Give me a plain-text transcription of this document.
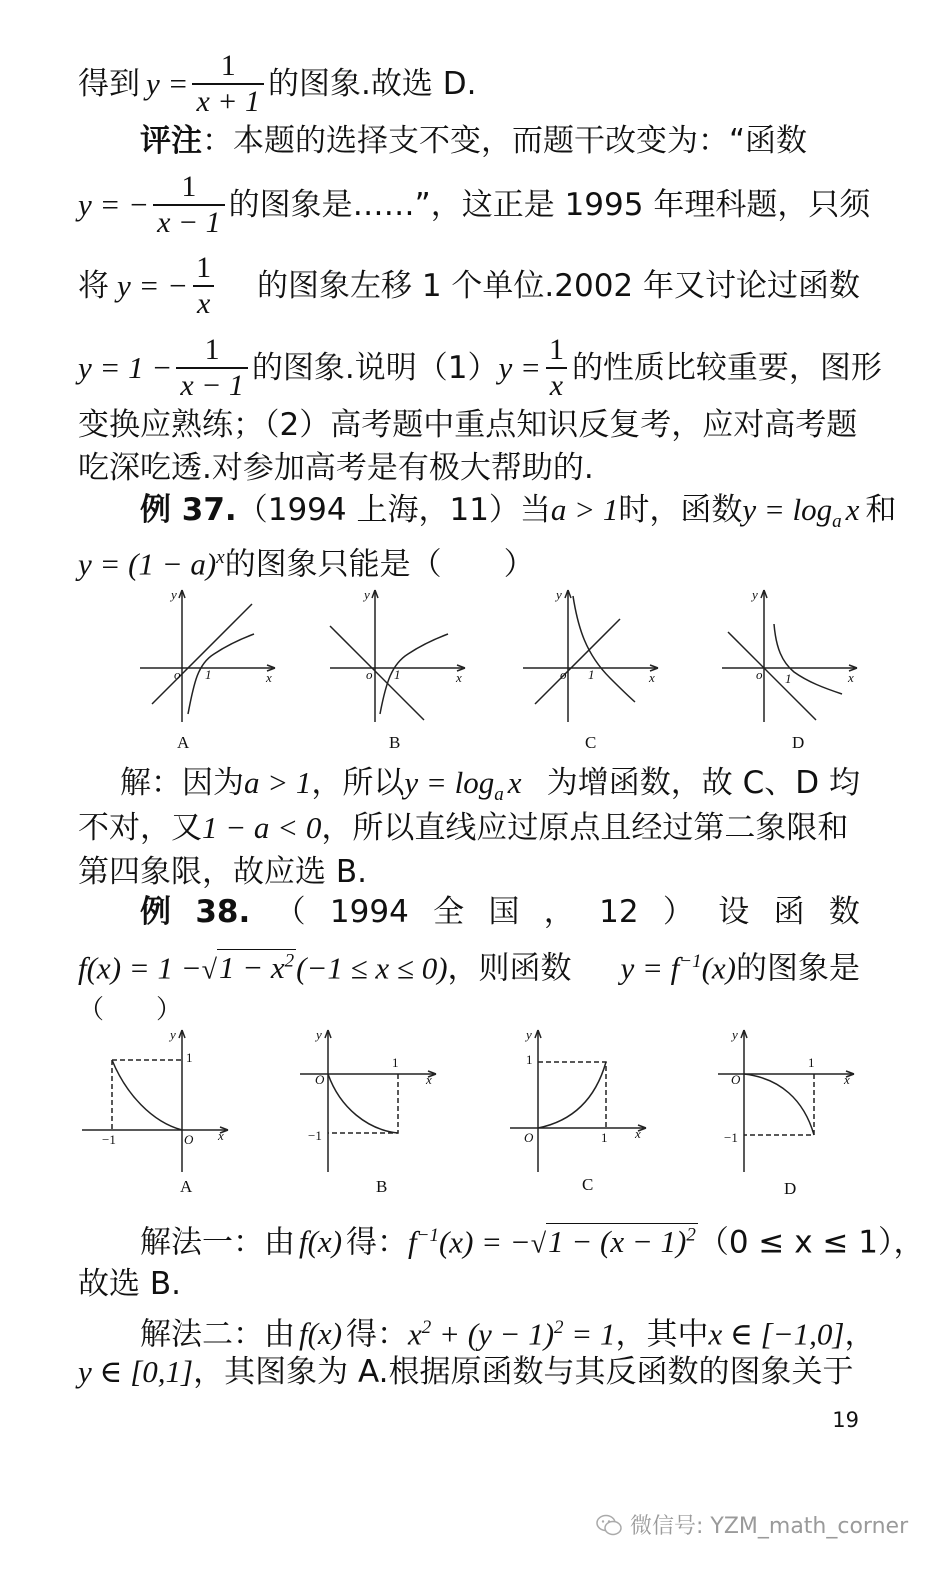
得到 $y = \frac{1}{x + 1}$ 的图象.故选 D.
评注：本题的选择支不变，而题干改变为：“函数
y = − $\frac{1}{x - 1}$ 的图象是……”，这正是 1995 年理科题，只须
将 y = − $\frac{1}{x}$ 的图象左移 1 个单位.2002 年又讨论过函数
$y = 1 - \frac{1}{x - 1}$ 的图象.说明（1） $y = \frac{1}{x}$ 的性质比较重要，图形
变换应熟练；（2）高考题中重点知识反复考，应对高考题
吃深吃透.对参加高考是有极大帮助的.
例 37.（1994 上海，11）当a > 1时，函数 $y = \log_a x$ 和
$y = (1 - a)^x$的图象只能是（　　）
y
x
o 1
y
x
o 1
y
x
o 1
y
x
o 1
A	B	C	D
解：因为a > 1，所以$y = \log_a x$ 为增函数，故 C、D 均
不对，又1 − a < 0，所以直线应过原点且经过第二象限和
第四象限，故应选 B.
例 38. （ 1994 全 国 ， 12 ） 设 函 数
$f(x) = 1 -√1 - x^2(-1 \le x \le 0)$，则函数 $y = f^{-1}(x)$的图象是
（　　）
y
x
1
−1	O
y
x
O
1
−1
y
x
1
O	1
y
x
O
1
−1
A	B	C	D
解法一：由 f(x) 得：$f^{-1}(x) = -√1 - (x - 1)^2(0 \le x \le 1)$，
故选 B.
解法二：由 f(x) 得：$x^2 + (y - 1)^2 = 1$，其中x ∈ [−1,0]，
y ∈ [0,1]，其图象为 A.根据原函数与其反函数的图象关于
19
微信号: YZM_math_corner
